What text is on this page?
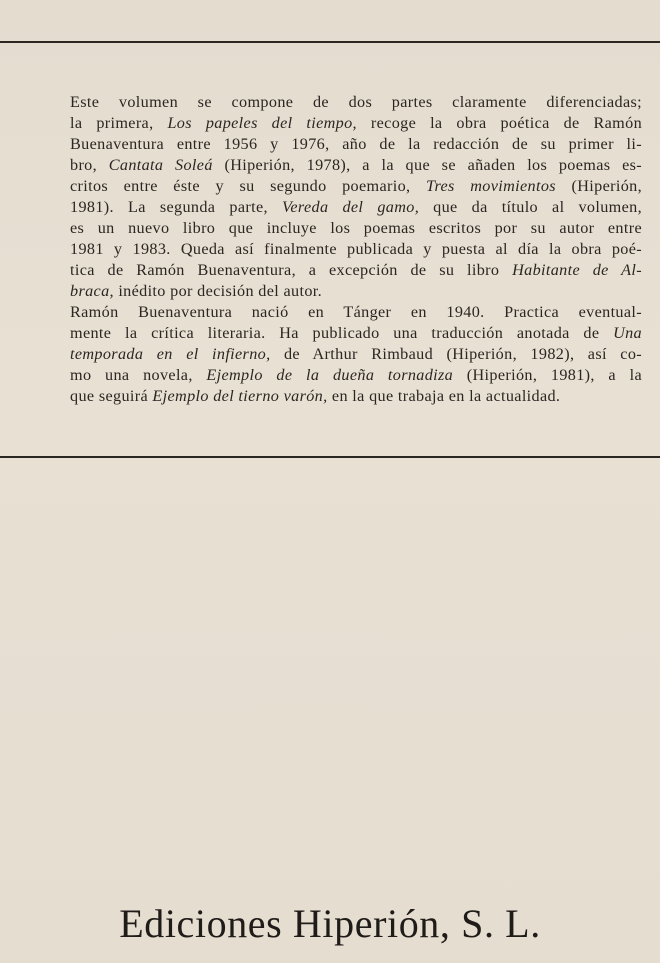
Este volumen se compone de dos partes claramente diferenciadas;
la primera, Los papeles del tiempo, recoge la obra poética de Ramón
Buenaventura entre 1956 y 1976, año de la redacción de su primer li-
bro, Cantata Soleá (Hiperión, 1978), a la que se añaden los poemas es-
critos entre éste y su segundo poemario, Tres movimientos (Hiperión,
1981). La segunda parte, Vereda del gamo, que da título al volumen,
es un nuevo libro que incluye los poemas escritos por su autor entre
1981 y 1983. Queda así finalmente publicada y puesta al día la obra poé-
tica de Ramón Buenaventura, a excepción de su libro Habitante de Al-
braca, inédito por decisión del autor.
Ramón Buenaventura nació en Tánger en 1940. Practica eventual-
mente la crítica literaria. Ha publicado una traducción anotada de Una
temporada en el infierno, de Arthur Rimbaud (Hiperión, 1982), así co-
mo una novela, Ejemplo de la dueña tornadiza (Hiperión, 1981), a la
que seguirá Ejemplo del tierno varón, en la que trabaja en la actualidad.
Ediciones Hiperión, S. L.
